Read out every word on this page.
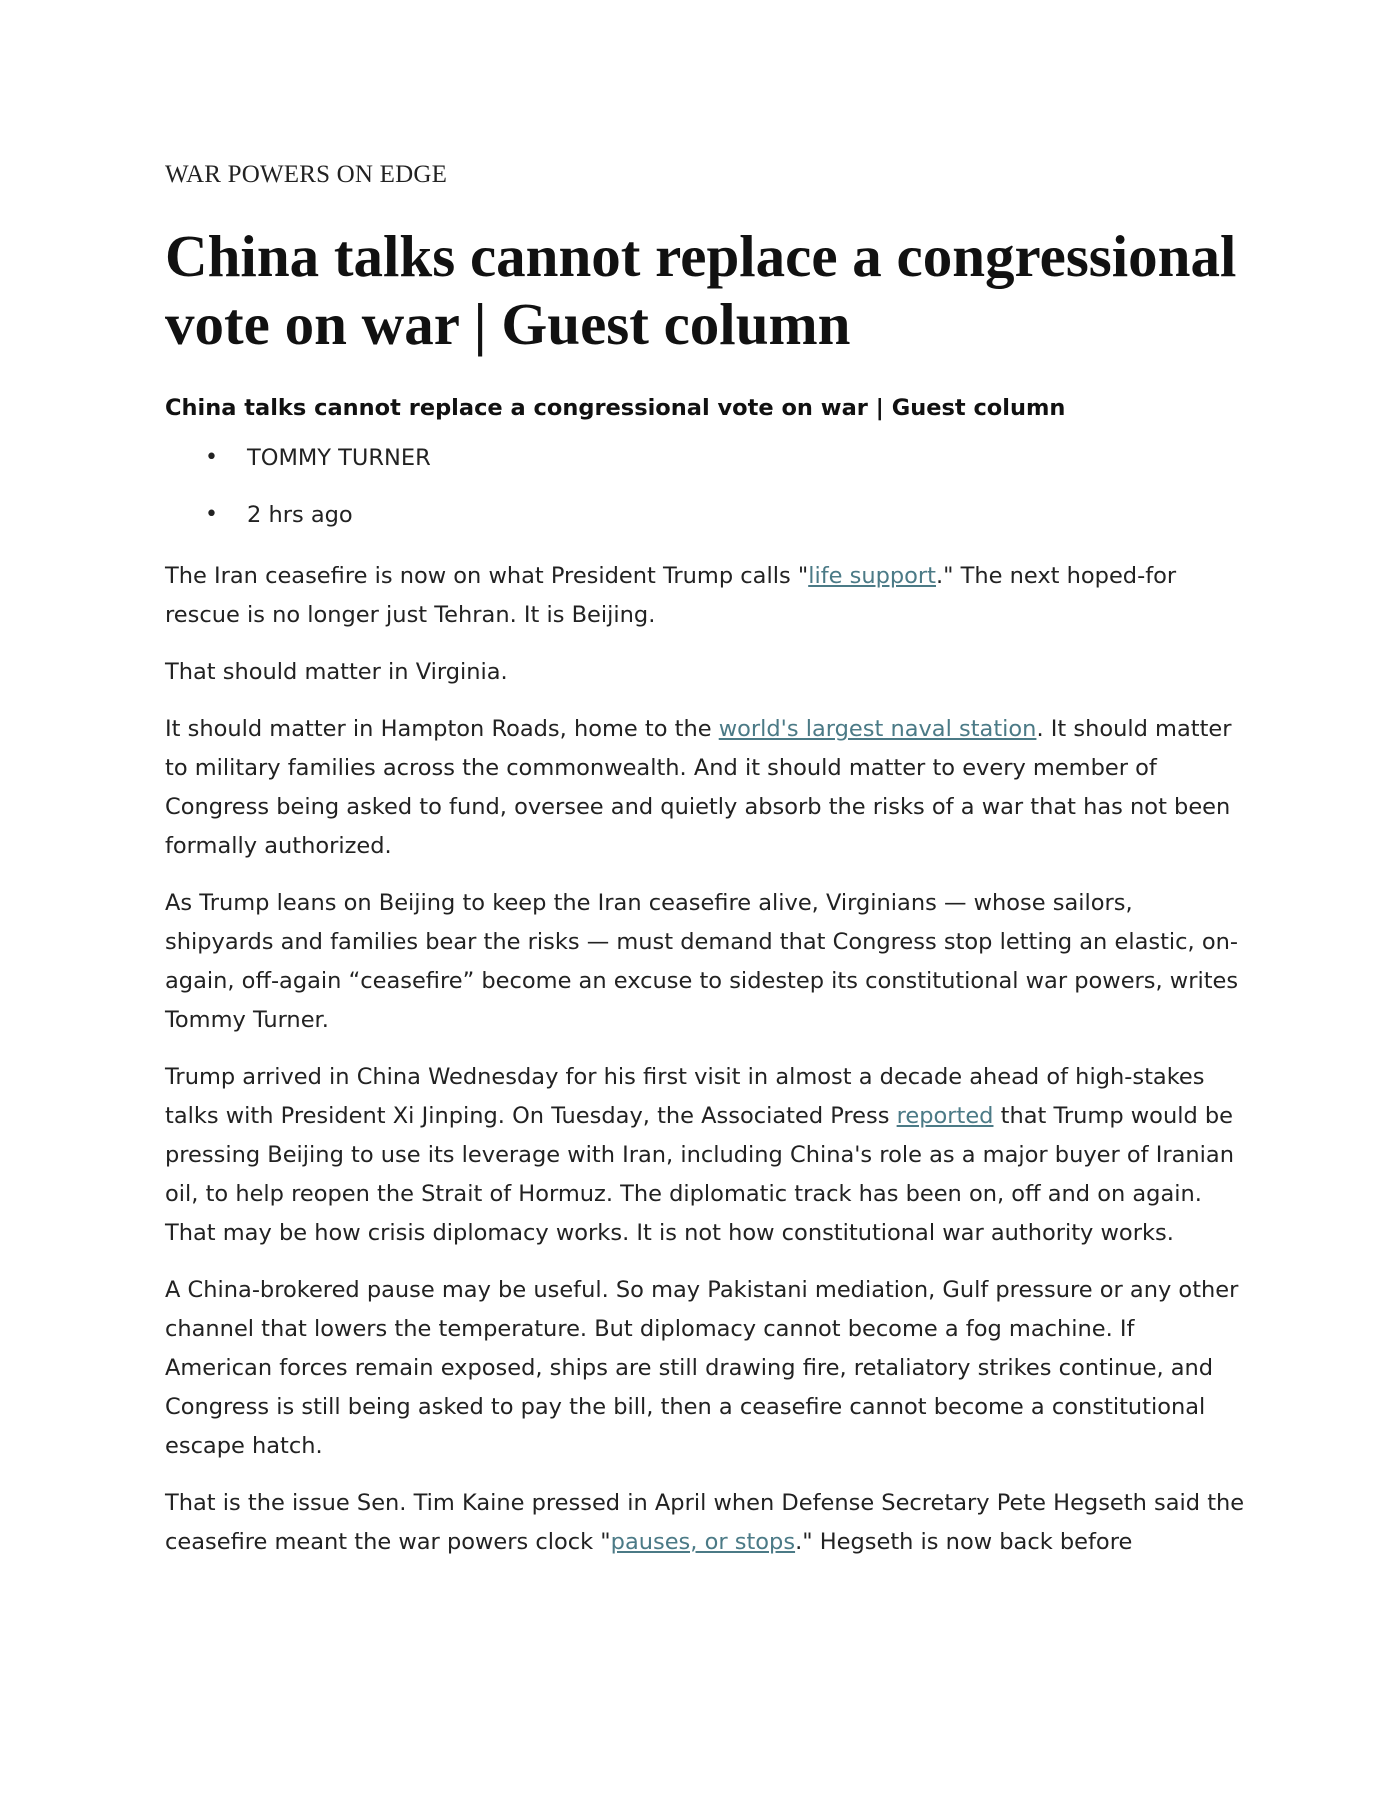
WAR POWERS ON EDGE

China talks cannot replace a congressional vote on war | Guest column

China talks cannot replace a congressional vote on war | Guest column

• TOMMY TURNER
• 2 hrs ago

The Iran ceasefire is now on what President Trump calls "life support." The next hoped-for rescue is no longer just Tehran. It is Beijing.

That should matter in Virginia.

It should matter in Hampton Roads, home to the world's largest naval station. It should matter to military families across the commonwealth. And it should matter to every member of Congress being asked to fund, oversee and quietly absorb the risks of a war that has not been formally authorized.

As Trump leans on Beijing to keep the Iran ceasefire alive, Virginians — whose sailors, shipyards and families bear the risks — must demand that Congress stop letting an elastic, on-again, off-again “ceasefire” become an excuse to sidestep its constitutional war powers, writes Tommy Turner.

Trump arrived in China Wednesday for his first visit in almost a decade ahead of high-stakes talks with President Xi Jinping. On Tuesday, the Associated Press reported that Trump would be pressing Beijing to use its leverage with Iran, including China's role as a major buyer of Iranian oil, to help reopen the Strait of Hormuz. The diplomatic track has been on, off and on again. That may be how crisis diplomacy works. It is not how constitutional war authority works.

A China-brokered pause may be useful. So may Pakistani mediation, Gulf pressure or any other channel that lowers the temperature. But diplomacy cannot become a fog machine. If American forces remain exposed, ships are still drawing fire, retaliatory strikes continue, and Congress is still being asked to pay the bill, then a ceasefire cannot become a constitutional escape hatch.

That is the issue Sen. Tim Kaine pressed in April when Defense Secretary Pete Hegseth said the ceasefire meant the war powers clock "pauses, or stops." Hegseth is now back before
